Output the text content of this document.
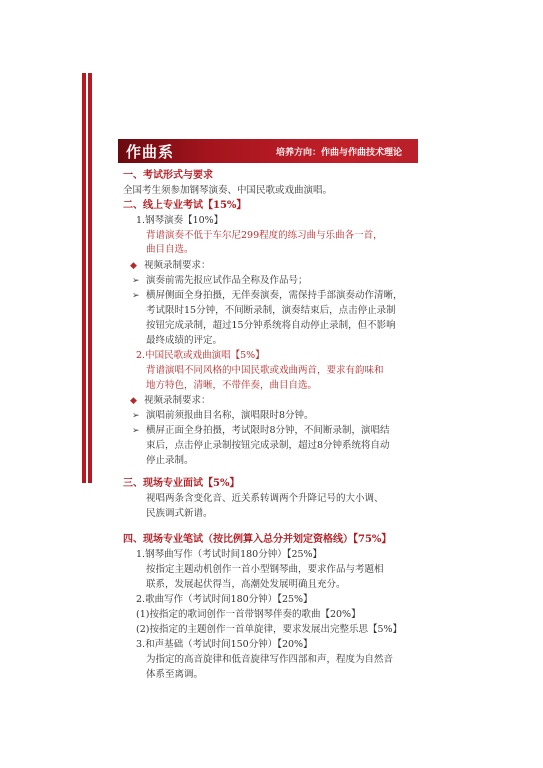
作曲系	培养方向：作曲与作曲技术理论
一、考试形式与要求
全国考生须参加钢琴演奏、中国民歌或戏曲演唱。
二、线上专业考试【15%】
1.钢琴演奏【10%】
背谱演奏不低于车尔尼299程度的练习曲与乐曲各一首，
曲目自选。
◆ 视频录制要求：
➢ 演奏前需先报应试作品全称及作品号；
➢ 横屏侧面全身拍摄，无伴奏演奏，需保持手部演奏动作清晰，
考试限时15分钟，不间断录制，演奏结束后，点击停止录制
按钮完成录制，超过15分钟系统将自动停止录制，但不影响
最终成绩的评定。
2.中国民歌或戏曲演唱【5%】
背谱演唱不同风格的中国民歌或戏曲两首，要求有韵味和
地方特色，清晰，不带伴奏，曲目自选。
◆ 视频录制要求：
➢ 演唱前须报曲目名称，演唱限时8分钟。
➢ 横屏正面全身拍摄，考试限时8分钟，不间断录制，演唱结
束后，点击停止录制按钮完成录制，超过8分钟系统将自动
停止录制。
三、现场专业面试【5%】
视唱两条含变化音、近关系转调两个升降记号的大小调、
民族调式新谱。
四、现场专业笔试（按比例算入总分并划定资格线）【75%】
1.钢琴曲写作（考试时间180分钟）【25%】
按指定主题动机创作一首小型钢琴曲，要求作品与考题相
联系，发展起伏得当，高潮处发展明确且充分。
2.歌曲写作（考试时间180分钟）【25%】
(1)按指定的歌词创作一首带钢琴伴奏的歌曲【20%】
(2)按指定的主题创作一首单旋律，要求发展出完整乐思【5%】
3.和声基础（考试时间150分钟）【20%】
为指定的高音旋律和低音旋律写作四部和声，程度为自然音
体系至离调。
